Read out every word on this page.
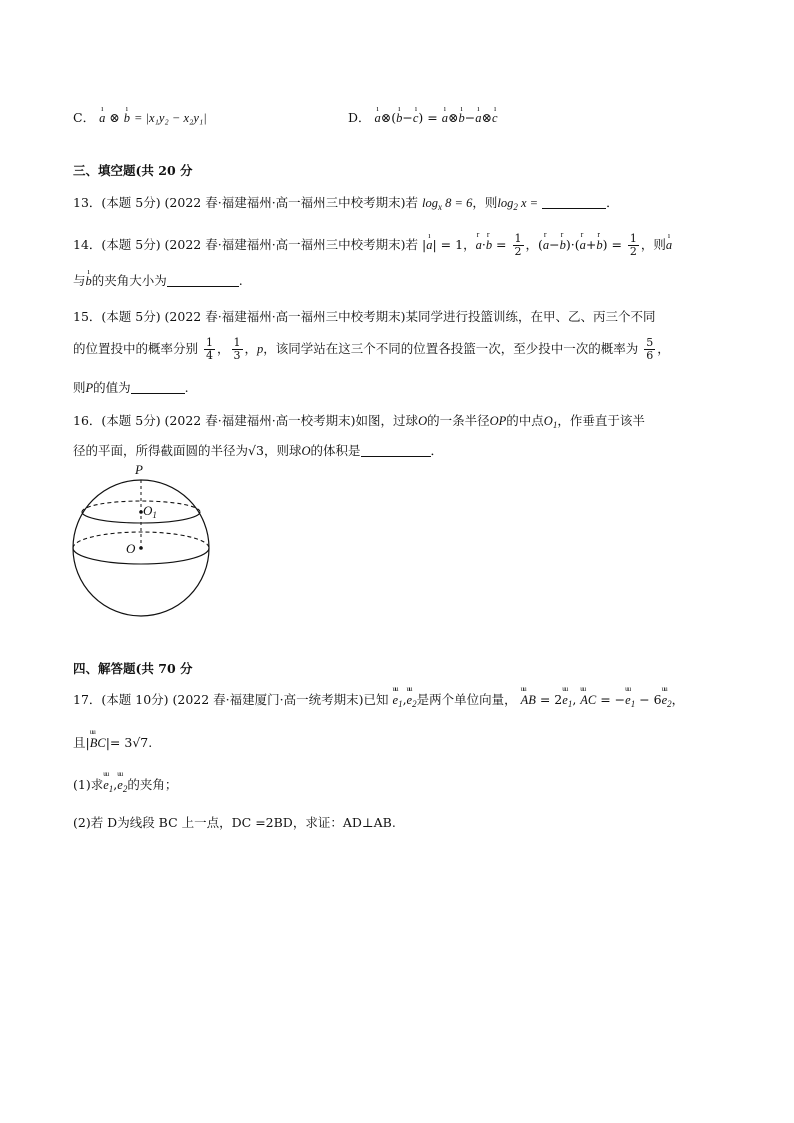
C． ı a ⊗ ı b = |x₁y₂ − x₂y₁|	D． ı a⊗(ı b−ı c) = ı a⊗ı b−ı a⊗ı c
三、填空题(共 20 分
13．(本题 5分) (2022 春·福建福州·高一福州三中校考期末)若 $\log_x 8 = 6$，则$\log_2 x$ =	．
14．(本题 5分) (2022 春·福建福州·高一福州三中校考期末)若 |ı a| = 1，r a·r $b = \frac{1}{2}$ ，(r a−r b)·(r a+r $b) = \frac{1}{2}$ ，则ı a
与ı b的夹角大小为	.
15．(本题 5分) (2022 春·福建福州·高一福州三中校考期末)某同学进行投篮训练，在甲、乙、丙三个不同
的位置投中的概率分别 $\frac{1}{4}$ ， $\frac{1}{3}$ ，p，该同学站在这三个不同的位置各投篮一次，至少投中一次的概率为 $\frac{5}{6}$ ，
则P的值为	.
16．(本题 5分) (2022 春·福建福州·高一校考期末)如图，过球O的一条半径OP的中点$O_1$，作垂直于该半
径的平面，所得截面圆的半径为√3，则球O的体积是	．
P
$O_1$
O
四、解答题(共 70 分
17．(本题 10分) (2022 春·福建厦门·高一统考期末)已知 uu $e_1,uu$ $e_2$是两个单位向量， uu AB = 2uu $e_1$, uu AC = −uu $e_1 - 6uu$ $e_2$，
且|uu BC|= 3√7.
(1)求uu $e_1,uu$ $e_2$的夹角；
(2)若 D为线段 BC 上一点，DC =2BD，求证：AD⊥AB.
